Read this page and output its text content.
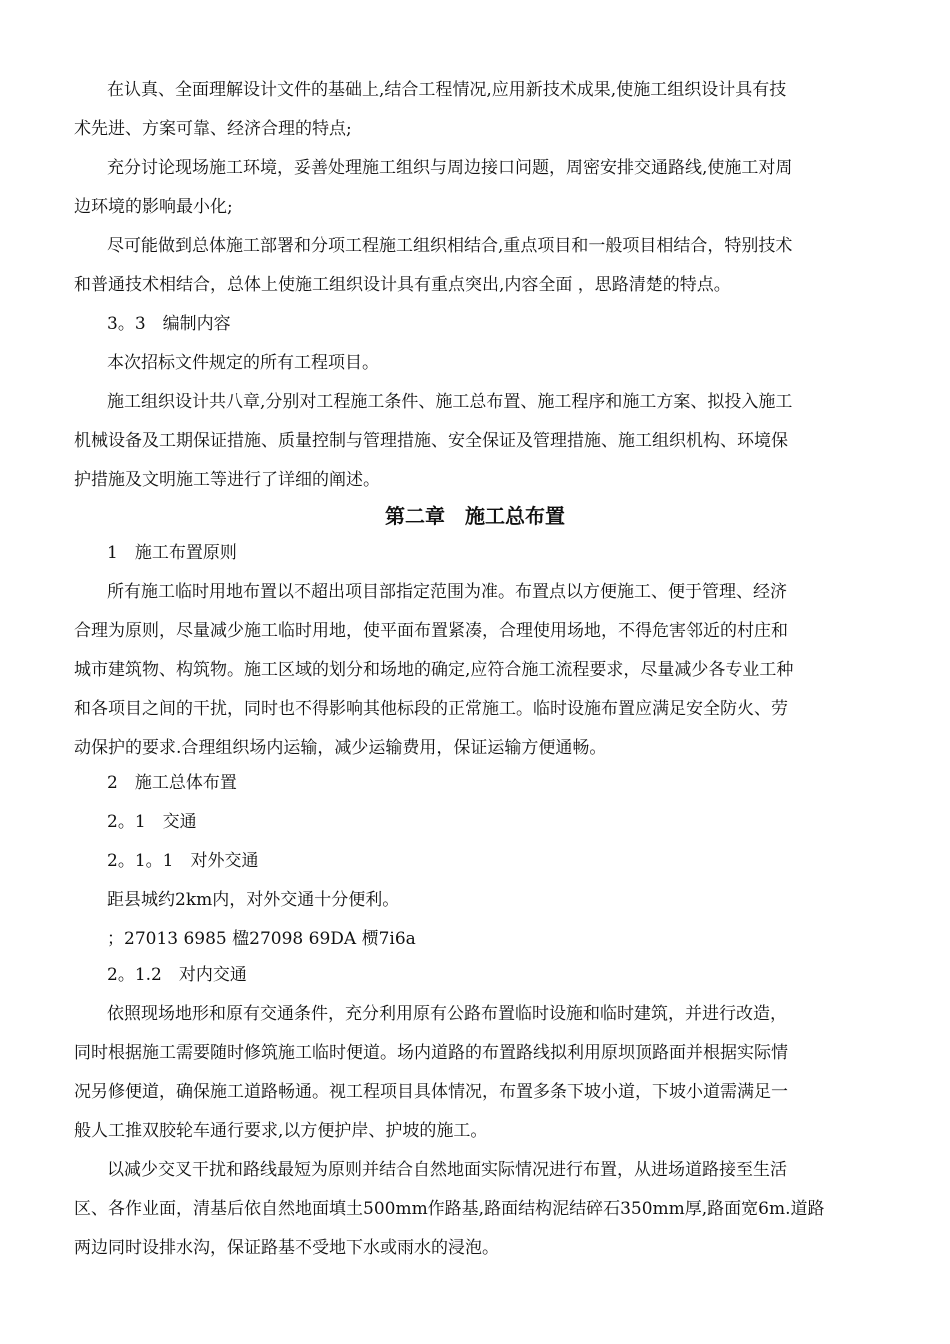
在认真、全面理解设计文件的基础上,结合工程情况,应用新技术成果,使施工组织设计具有技
术先进、方案可靠、经济合理的特点;
充分讨论现场施工环境，妥善处理施工组织与周边接口问题，周密安排交通路线,使施工对周
边环境的影响最小化;
尽可能做到总体施工部署和分项工程施工组织相结合,重点项目和一般项目相结合，特别技术
和普通技术相结合，总体上使施工组织设计具有重点突出,内容全面 ，思路清楚的特点。
3。3　编制内容
本次招标文件规定的所有工程项目。
施工组织设计共八章,分别对工程施工条件、施工总布置、施工程序和施工方案、拟投入施工
机械设备及工期保证措施、质量控制与管理措施、安全保证及管理措施、施工组织机构、环境保
护措施及文明施工等进行了详细的阐述。
第二章　施工总布置
1　施工布置原则
所有施工临时用地布置以不超出项目部指定范围为准。布置点以方便施工、便于管理、经济
合理为原则，尽量减少施工临时用地，使平面布置紧凑，合理使用场地，不得危害邻近的村庄和
城市建筑物、构筑物。施工区域的划分和场地的确定,应符合施工流程要求，尽量减少各专业工种
和各项目之间的干扰，同时也不得影响其他标段的正常施工。临时设施布置应满足安全防火、劳
动保护的要求.合理组织场内运输，减少运输费用，保证运输方便通畅。
2　施工总体布置
2。1　交通
2。1。1　对外交通
距县城约2km内，对外交通十分便利。
；27013 6985 楹27098 69DA 槚7i6a
2。1.2　对内交通
依照现场地形和原有交通条件，充分利用原有公路布置临时设施和临时建筑，并进行改造，
同时根据施工需要随时修筑施工临时便道。场内道路的布置路线拟利用原坝顶路面并根据实际情
况另修便道，确保施工道路畅通。视工程项目具体情况，布置多条下坡小道，下坡小道需满足一
般人工推双胶轮车通行要求,以方便护岸、护坡的施工。
以减少交叉干扰和路线最短为原则并结合自然地面实际情况进行布置，从进场道路接至生活
区、各作业面，清基后依自然地面填土500mm作路基,路面结构泥结碎石350mm厚,路面宽6m.道路
两边同时设排水沟，保证路基不受地下水或雨水的浸泡。
